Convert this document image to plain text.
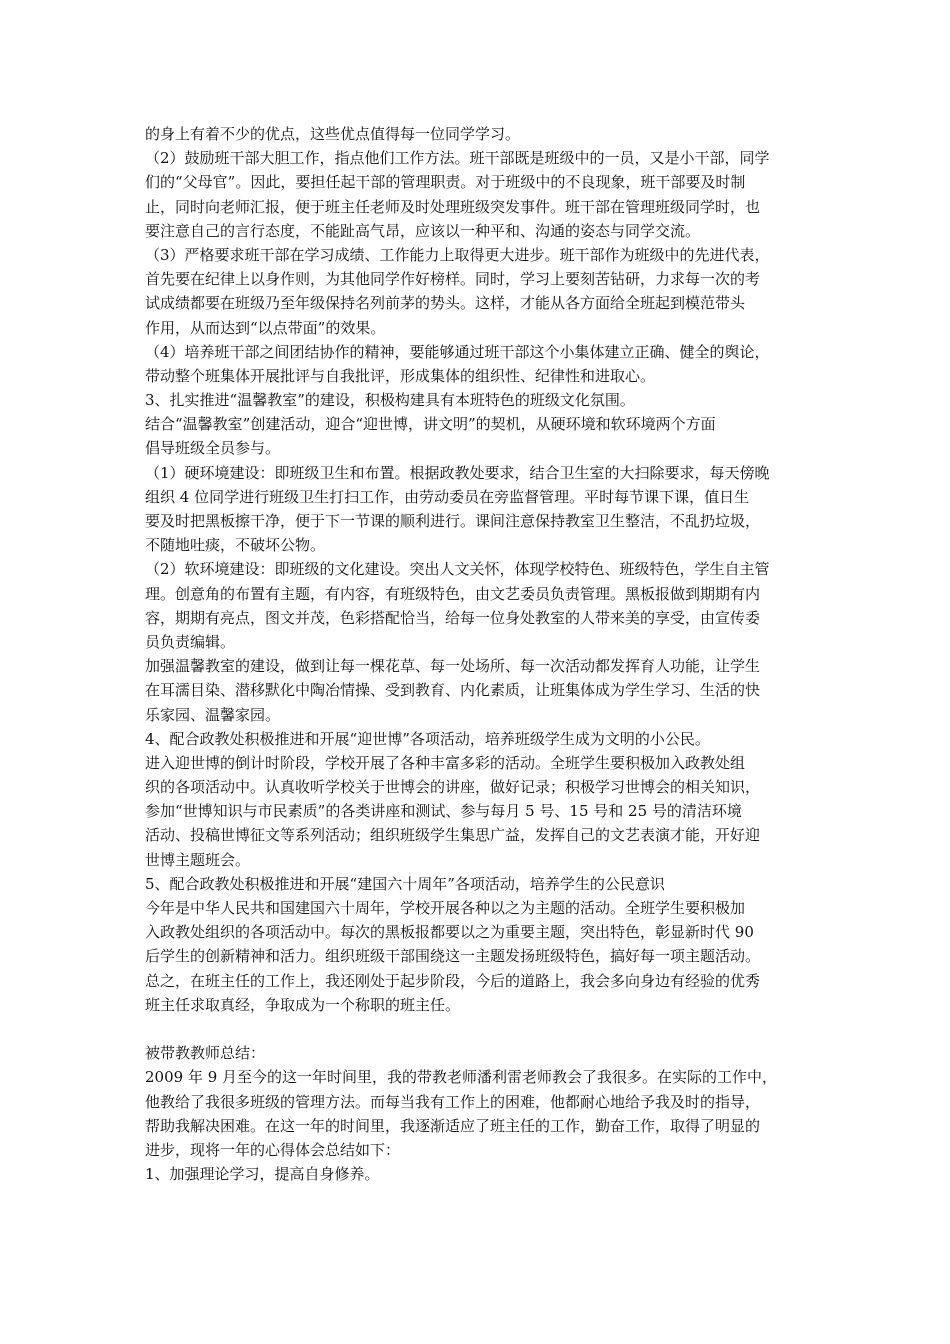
的身上有着不少的优点，这些优点值得每一位同学学习。
（2）鼓励班干部大胆工作，指点他们工作方法。班干部既是班级中的一员，又是小干部，同学
们的“父母官”。因此，要担任起干部的管理职责。对于班级中的不良现象，班干部要及时制
止，同时向老师汇报，便于班主任老师及时处理班级突发事件。班干部在管理班级同学时，也
要注意自己的言行态度，不能趾高气昂，应该以一种平和、沟通的姿态与同学交流。
（3）严格要求班干部在学习成绩、工作能力上取得更大进步。班干部作为班级中的先进代表，
首先要在纪律上以身作则，为其他同学作好榜样。同时，学习上要刻苦钻研，力求每一次的考
试成绩都要在班级乃至年级保持名列前茅的势头。这样，才能从各方面给全班起到模范带头
作用，从而达到“以点带面”的效果。
（4）培养班干部之间团结协作的精神，要能够通过班干部这个小集体建立正确、健全的舆论，
带动整个班集体开展批评与自我批评，形成集体的组织性、纪律性和进取心。
3、扎实推进“温馨教室”的建设，积极构建具有本班特色的班级文化氛围。
结合“温馨教室”创建活动，迎合“迎世博，讲文明”的契机，从硬环境和软环境两个方面
倡导班级全员参与。
（1）硬环境建设：即班级卫生和布置。根据政教处要求，结合卫生室的大扫除要求，每天傍晚
组织 4 位同学进行班级卫生打扫工作，由劳动委员在旁监督管理。平时每节课下课，值日生
要及时把黑板擦干净，便于下一节课的顺利进行。课间注意保持教室卫生整洁，不乱扔垃圾，
不随地吐痰，不破坏公物。
（2）软环境建设：即班级的文化建设。突出人文关怀，体现学校特色、班级特色，学生自主管
理。创意角的布置有主题，有内容，有班级特色，由文艺委员负责管理。黑板报做到期期有内
容，期期有亮点，图文并茂，色彩搭配恰当，给每一位身处教室的人带来美的享受，由宣传委
员负责编辑。
加强温馨教室的建设，做到让每一棵花草、每一处场所、每一次活动都发挥育人功能，让学生
在耳濡目染、潜移默化中陶冶情操、受到教育、内化素质，让班集体成为学生学习、生活的快
乐家园、温馨家园。
4、配合政教处积极推进和开展“迎世博”各项活动，培养班级学生成为文明的小公民。
进入迎世博的倒计时阶段，学校开展了各种丰富多彩的活动。全班学生要积极加入政教处组
织的各项活动中。认真收听学校关于世博会的讲座，做好记录；积极学习世博会的相关知识，
参加“世博知识与市民素质”的各类讲座和测试、参与每月 5 号、15 号和 25 号的清洁环境
活动、投稿世博征文等系列活动；组织班级学生集思广益，发挥自己的文艺表演才能，开好迎
世博主题班会。
5、配合政教处积极推进和开展“建国六十周年”各项活动，培养学生的公民意识
今年是中华人民共和国建国六十周年，学校开展各种以之为主题的活动。全班学生要积极加
入政教处组织的各项活动中。每次的黑板报都要以之为重要主题，突出特色，彰显新时代 90
后学生的创新精神和活力。组织班级干部围绕这一主题发扬班级特色，搞好每一项主题活动。
总之，在班主任的工作上，我还刚处于起步阶段，今后的道路上，我会多向身边有经验的优秀
班主任求取真经，争取成为一个称职的班主任。
被带教教师总结：
2009 年 9 月至今的这一年时间里，我的带教老师潘利雷老师教会了我很多。在实际的工作中，
他教给了我很多班级的管理方法。而每当我有工作上的困难，他都耐心地给予我及时的指导，
帮助我解决困难。在这一年的时间里，我逐渐适应了班主任的工作，勤奋工作，取得了明显的
进步，现将一年的心得体会总结如下：
1、加强理论学习，提高自身修养。
